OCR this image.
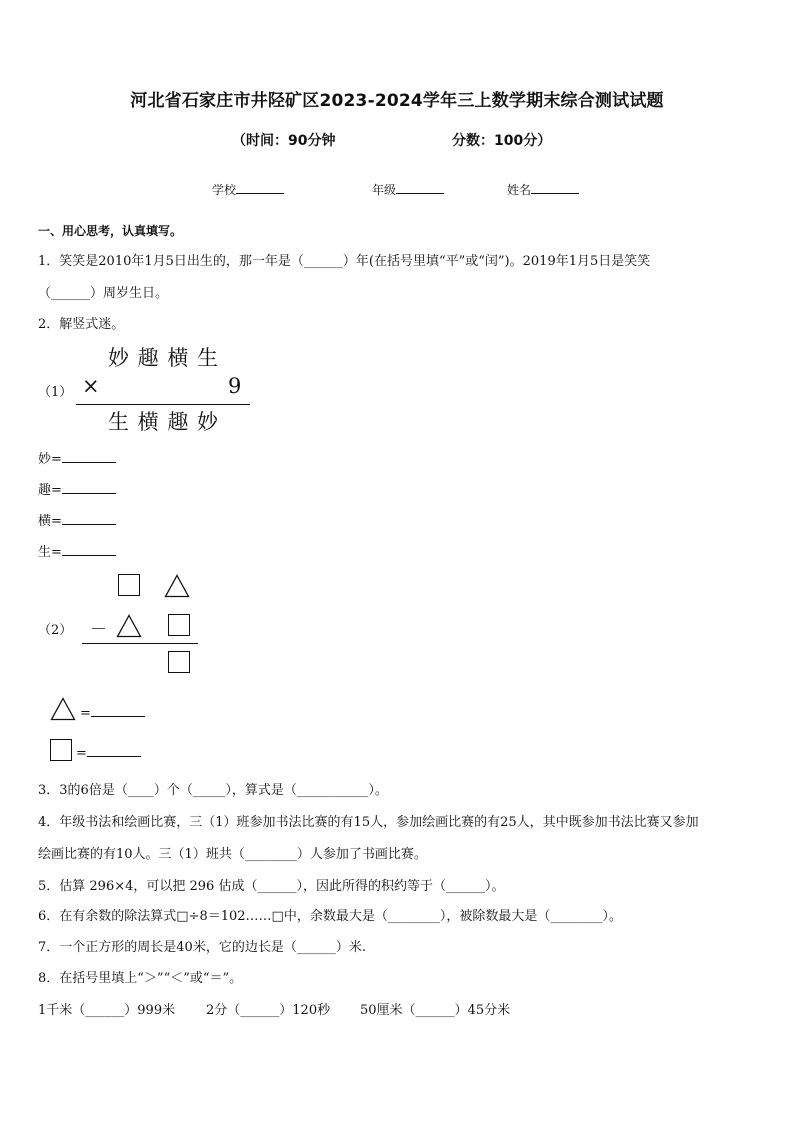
河北省石家庄市井陉矿区2023-2024学年三上数学期末综合测试试题
（时间：90分钟	分数：100分）
学校	年级	姓名
一、用心思考，认真填写。
1．笑笑是2010年1月5日出生的，那一年是（______）年(在括号里填“平”或“闰”)。2019年1月5日是笑笑
（______）周岁生日。
2．解竖式迷。
妙 趣 横 生
（1） ×	9
生 横 趣 妙
妙=
趣=
横=
生=
（2） －
=
=
3．3的6倍是（____）个（_____），算式是（___________）。
4．年级书法和绘画比赛，三（1）班参加书法比赛的有15人，参加绘画比赛的有25人，其中既参加书法比赛又参加
绘画比赛的有10人。三（1）班共（________）人参加了书画比赛。
5．估算 296×4，可以把 296 估成（______），因此所得的积约等于（______）。
6．在有余数的除法算式□÷8＝102……□中，余数最大是（________），被除数最大是（________）。
7．一个正方形的周长是40米，它的边长是（______）米.
8．在括号里填上“＞”“＜”或“＝”。
1千米（______）999米 2分（______）120秒 50厘米（______）45分米
